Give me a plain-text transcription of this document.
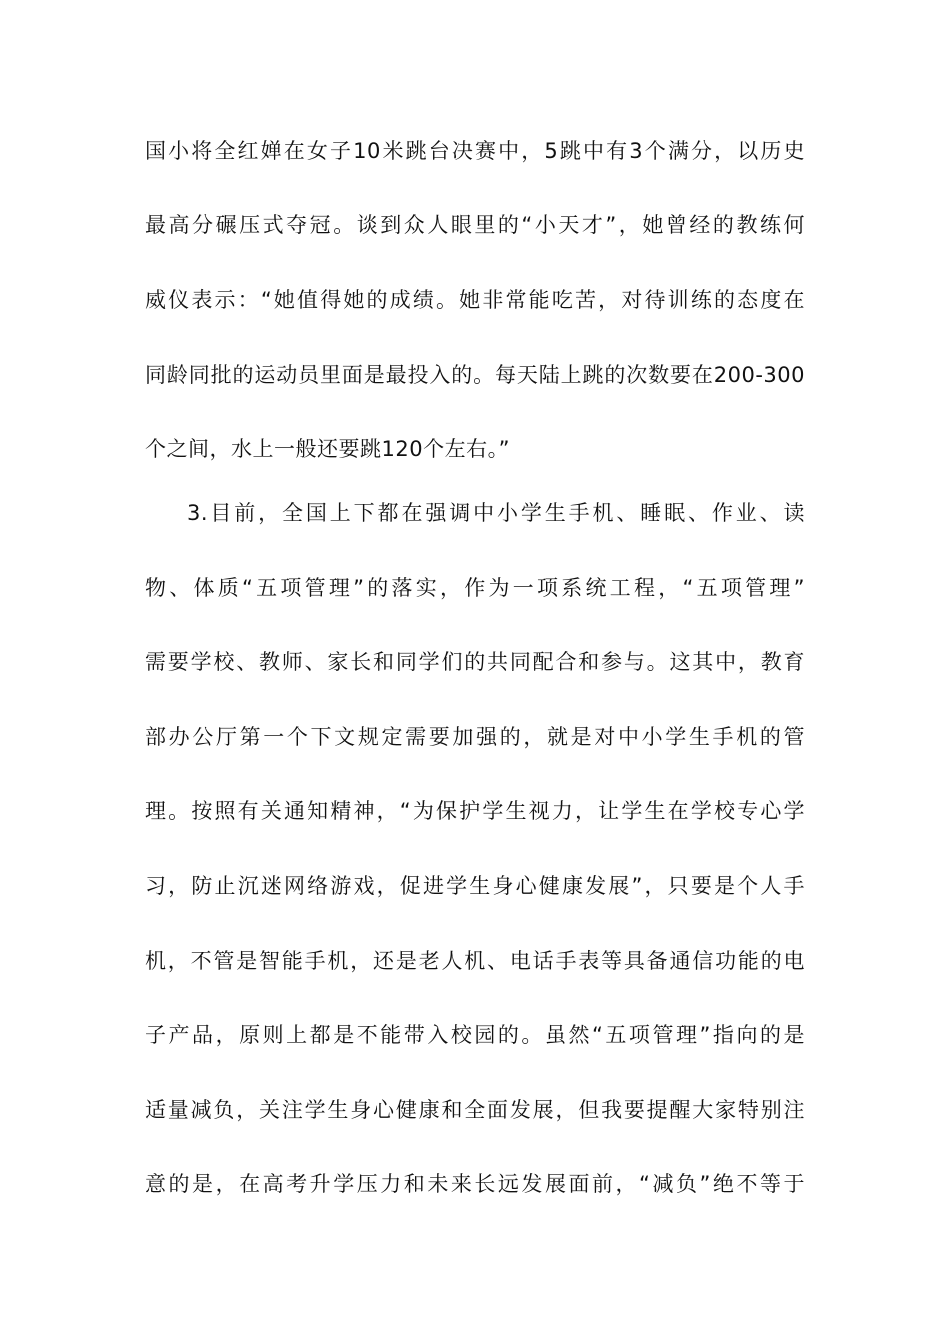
国小将全红婵在女子10米跳台决赛中，5跳中有3个满分，以历史
最高分碾压式夺冠。谈到众人眼里的“小天才”，她曾经的教练何
威仪表示：“她值得她的成绩。她非常能吃苦，对待训练的态度在
同龄同批的运动员里面是最投入的。每天陆上跳的次数要在200-300
个之间，水上一般还要跳120个左右。”
3.目前，全国上下都在强调中小学生手机、睡眠、作业、读
物、体质“五项管理”的落实，作为一项系统工程，“五项管理”
需要学校、教师、家长和同学们的共同配合和参与。这其中，教育
部办公厅第一个下文规定需要加强的，就是对中小学生手机的管
理。按照有关通知精神，“为保护学生视力，让学生在学校专心学
习，防止沉迷网络游戏，促进学生身心健康发展”，只要是个人手
机，不管是智能手机，还是老人机、电话手表等具备通信功能的电
子产品，原则上都是不能带入校园的。虽然“五项管理”指向的是
适量减负，关注学生身心健康和全面发展，但我要提醒大家特别注
意的是，在高考升学压力和未来长远发展面前，“减负”绝不等于
